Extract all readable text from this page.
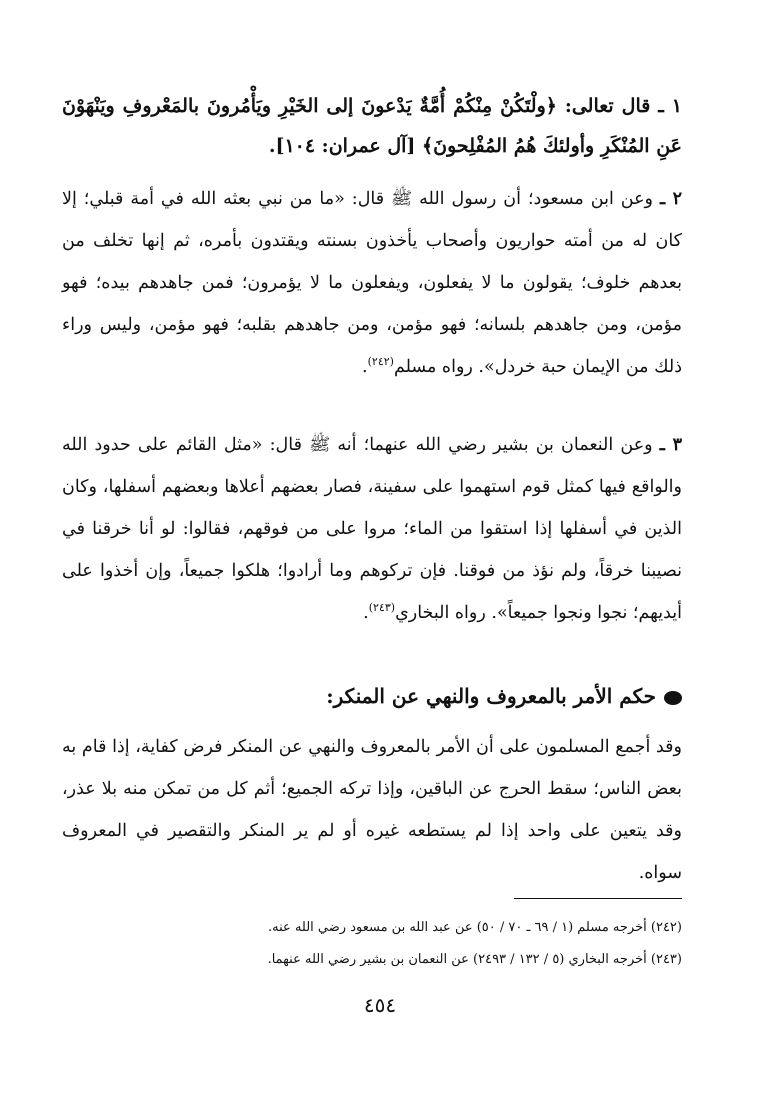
١ ـ قال تعالى: ﴿ولْتَكُنْ مِنْكُمْ أُمَّةٌ يَدْعونَ إلى الخَيْرِ ويَأْمُرونَ بالمَعْروفِ ويَنْهَوْنَ عَنِ المُنْكَرِ وأولئكَ هُمُ المُفْلِحونَ﴾ [آل عمران: ١٠٤].

٢ ـ وعن ابن مسعود؛ أن رسول الله ﷺ قال: «ما من نبي بعثه الله في أمة قبلي؛ إلا كان له من أمته حواريون وأصحاب يأخذون بسنته ويقتدون بأمره، ثم إنها تخلف من بعدهم خلوف؛ يقولون ما لا يفعلون، ويفعلون ما لا يؤمرون؛ فمن جاهدهم بيده؛ فهو مؤمن، ومن جاهدهم بلسانه؛ فهو مؤمن، ومن جاهدهم بقلبه؛ فهو مؤمن، وليس وراء ذلك من الإيمان حبة خردل». رواه مسلم$^{(٢٤٢)}$.

٣ ـ وعن النعمان بن بشير رضي الله عنهما؛ أنه ﷺ قال: «مثل القائم على حدود الله والواقع فيها كمثل قوم استهموا على سفينة، فصار بعضهم أعلاها وبعضهم أسفلها، وكان الذين في أسفلها إذا استقوا من الماء؛ مروا على من فوقهم، فقالوا: لو أنا خرقنا في نصيبنا خرقاً، ولم نؤذ من فوقنا. فإن تركوهم وما أرادوا؛ هلكوا جميعاً، وإن أخذوا على أيديهم؛ نجوا ونجوا جميعاً». رواه البخاري$^{(٢٤٣)}$.

حكم الأمر بالمعروف والنهي عن المنكر:

وقد أجمع المسلمون على أن الأمر بالمعروف والنهي عن المنكر فرض كفاية، إذا قام به بعض الناس؛ سقط الحرج عن الباقين، وإذا تركه الجميع؛ أثم كل من تمكن منه بلا عذر، وقد يتعين على واحد إذا لم يستطعه غيره أو لم ير المنكر والتقصير في المعروف سواه.

(٢٤٢) أخرجه مسلم (١ / ٦٩ ـ ٧٠ / ٥٠) عن عبد الله بن مسعود رضي الله عنه.

(٢٤٣) أخرجه البخاري (٥ / ١٣٢ / ٢٤٩٣) عن النعمان بن بشير رضي الله عنهما.

٤٥٤
